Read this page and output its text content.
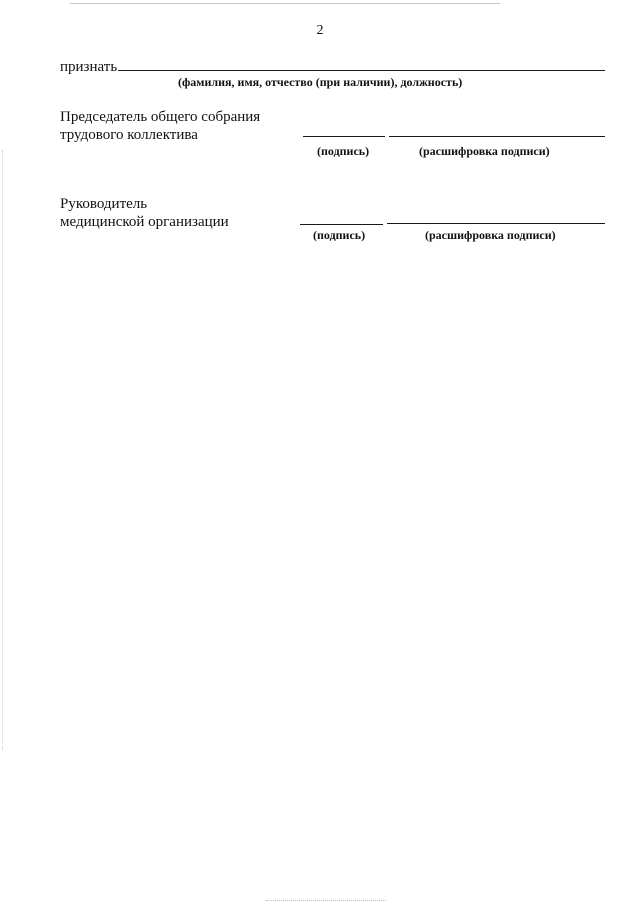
2
признать
(фамилия, имя, отчество (при наличии), должность)
Председатель общего собрания
трудового коллектива
(подпись)	(расшифровка подписи)
Руководитель
медицинской организации
(подпись)	(расшифровка подписи)
